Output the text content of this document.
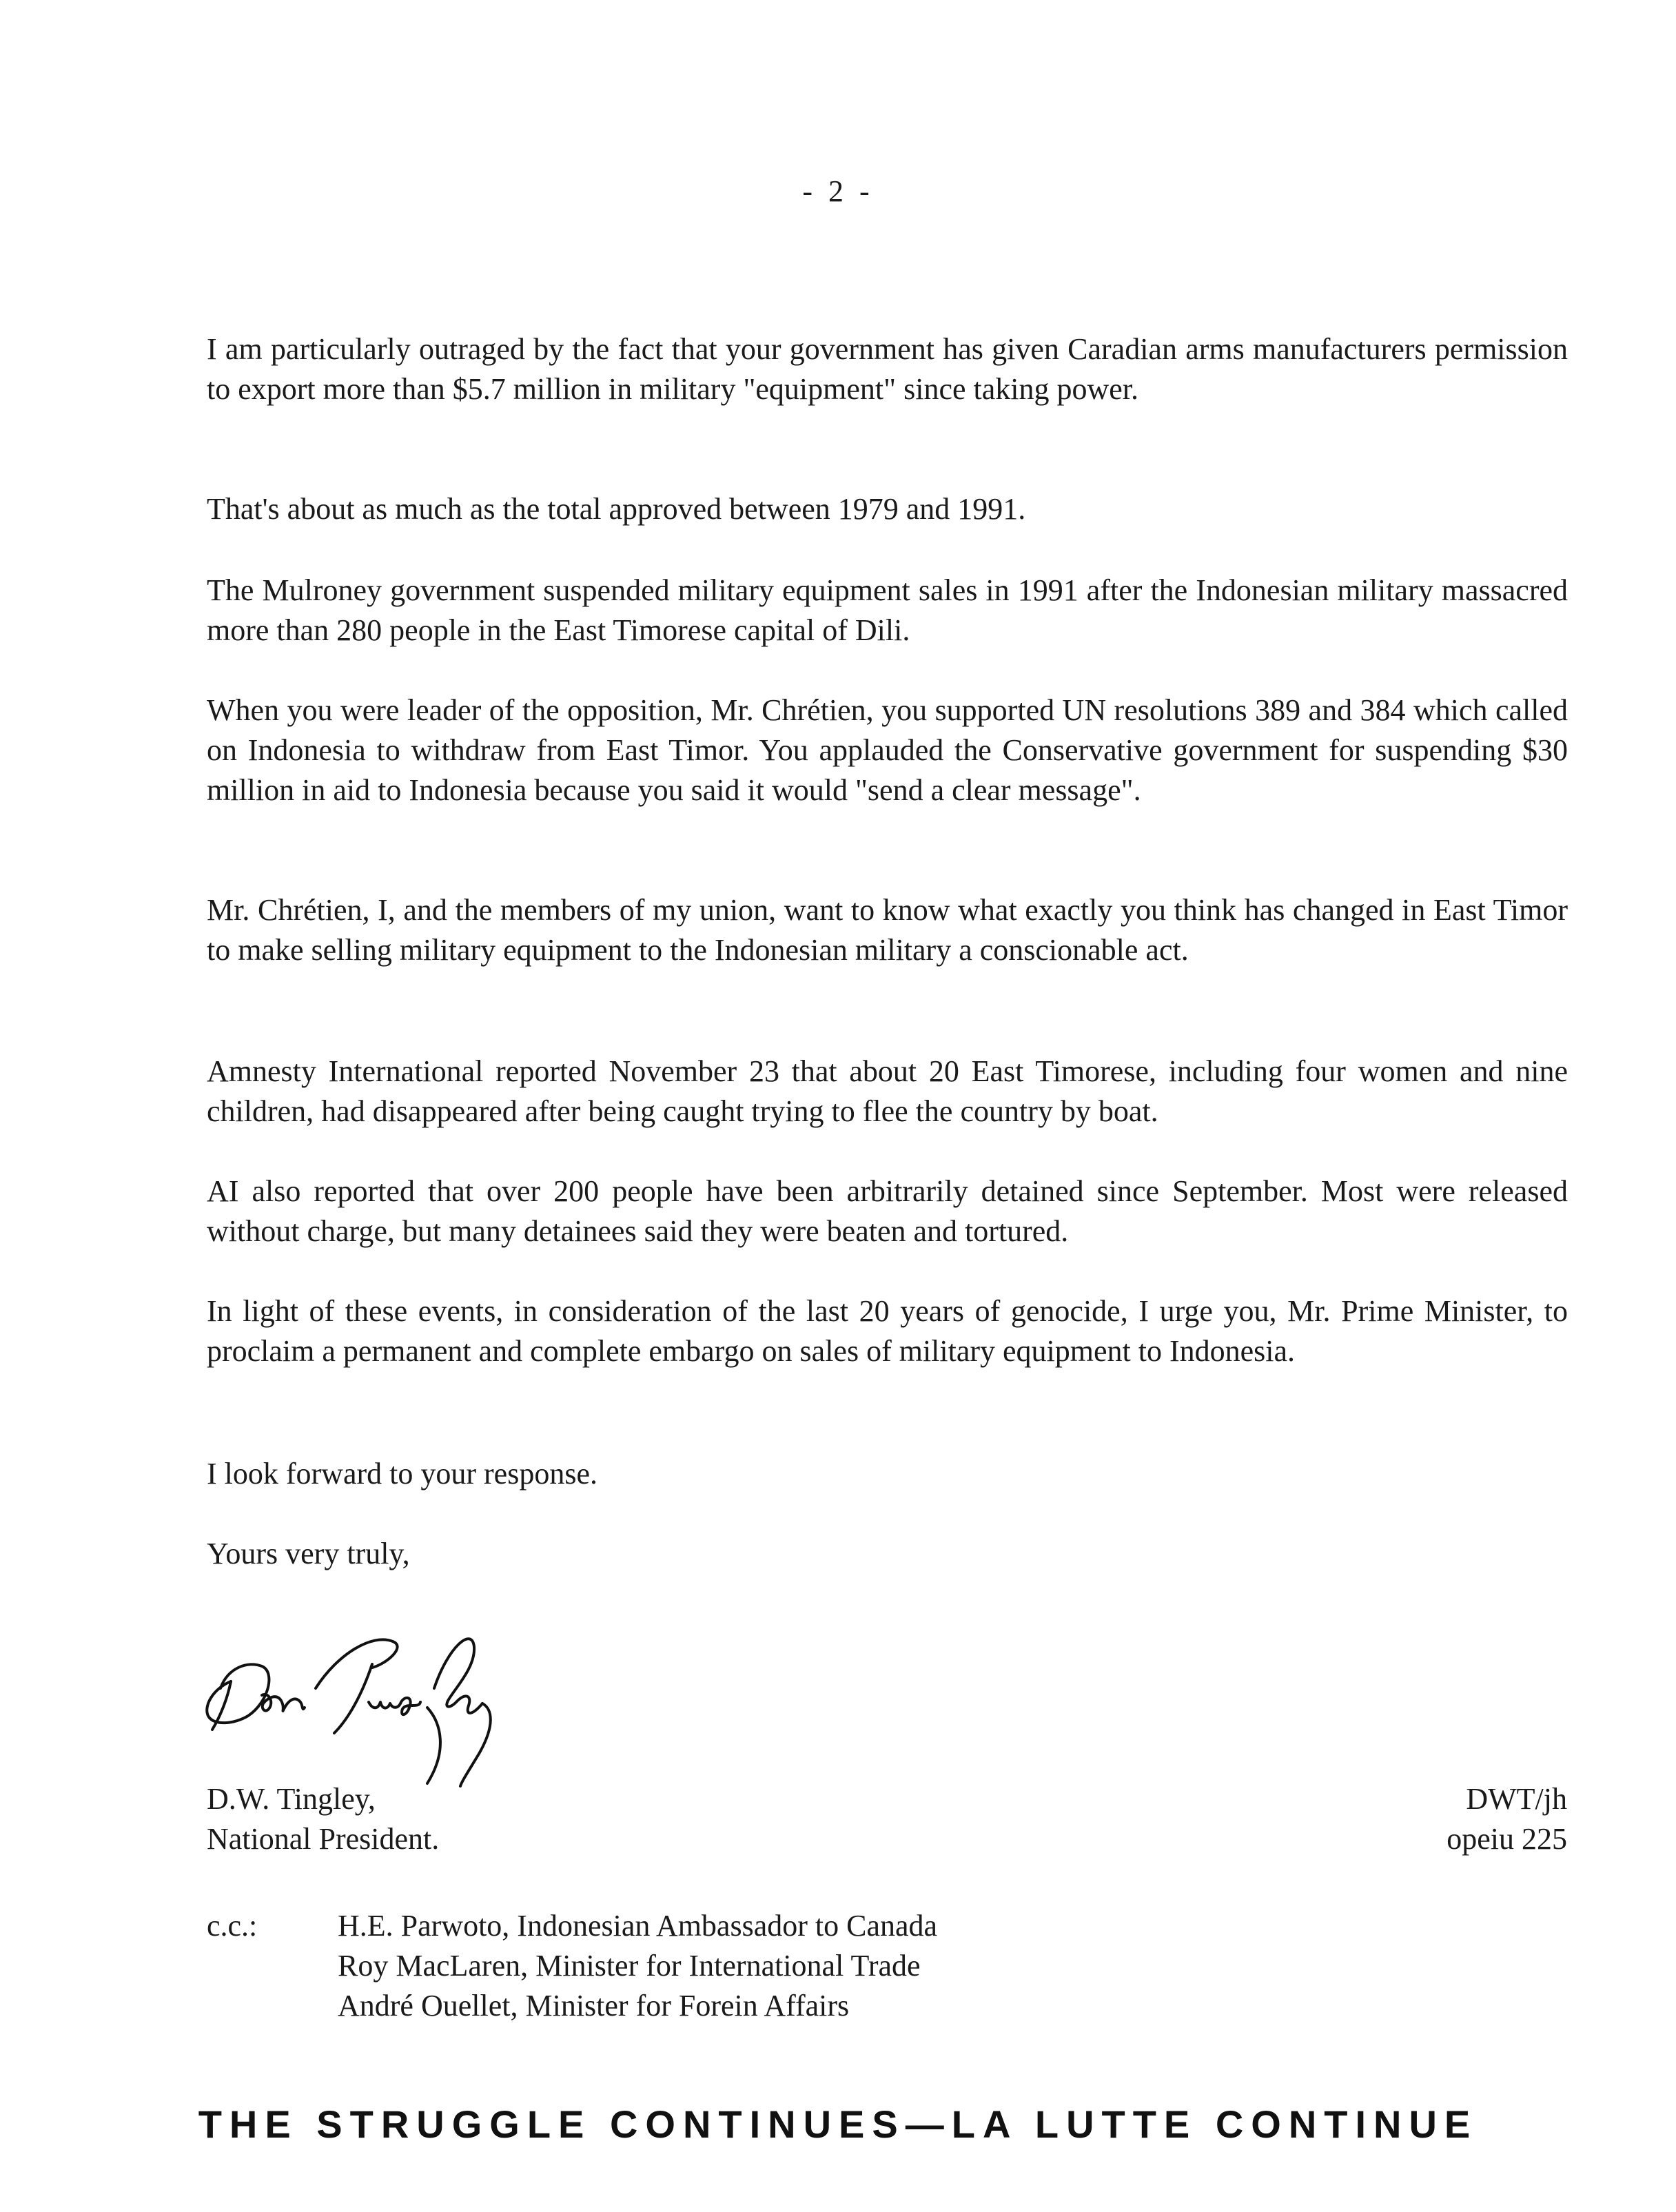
- 2 -

I am particularly outraged by the fact that your government has given Caradian arms manufacturers permission to export more than $5.7 million in military "equipment" since taking power.

That's about as much as the total approved between 1979 and 1991.

The Mulroney government suspended military equipment sales in 1991 after the Indonesian military massacred more than 280 people in the East Timorese capital of Dili.

When you were leader of the opposition, Mr. Chrétien, you supported UN resolutions 389 and 384 which called on Indonesia to withdraw from East Timor. You applauded the Conservative government for suspending $30 million in aid to Indonesia because you said it would "send a clear message".

Mr. Chrétien, I, and the members of my union, want to know what exactly you think has changed in East Timor to make selling military equipment to the Indonesian military a conscionable act.

Amnesty International reported November 23 that about 20 East Timorese, including four women and nine children, had disappeared after being caught trying to flee the country by boat.

AI also reported that over 200 people have been arbitrarily detained since September. Most were released without charge, but many detainees said they were beaten and tortured.

In light of these events, in consideration of the last 20 years of genocide, I urge you, Mr. Prime Minister, to proclaim a permanent and complete embargo on sales of military equipment to Indonesia.

I look forward to your response.

Yours very truly,

D.W. Tingley,
National President.
DWT/jh
opeiu 225
c.c.:	H.E. Parwoto, Indonesian Ambassador to Canada
Roy MacLaren, Minister for International Trade
André Ouellet, Minister for Forein Affairs
THE STRUGGLE CONTINUES—LA LUTTE CONTINUE
